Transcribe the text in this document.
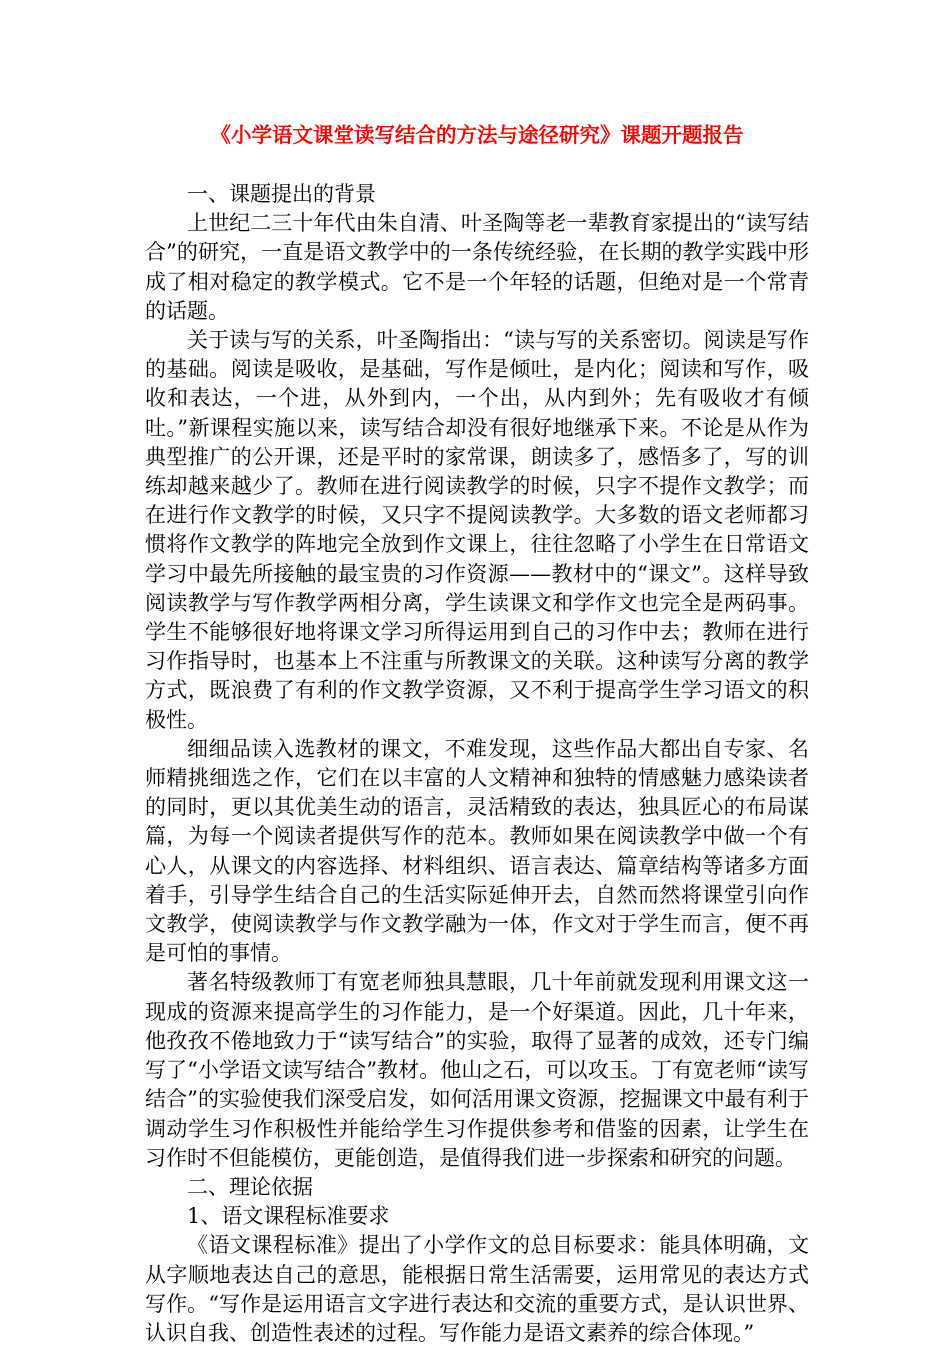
《小学语文课堂读写结合的方法与途径研究》课题开题报告

一、课题提出的背景

上世纪二三十年代由朱自清、叶圣陶等老一辈教育家提出的“读写结合”的研究，一直是语文教学中的一条传统经验，在长期的教学实践中形成了相对稳定的教学模式。它不是一个年轻的话题，但绝对是一个常青的话题。

关于读与写的关系，叶圣陶指出：“读与写的关系密切。阅读是写作的基础。阅读是吸收，是基础，写作是倾吐，是内化；阅读和写作，吸收和表达，一个进，从外到内，一个出，从内到外；先有吸收才有倾吐。”新课程实施以来，读写结合却没有很好地继承下来。不论是从作为典型推广的公开课，还是平时的家常课，朗读多了，感悟多了，写的训练却越来越少了。教师在进行阅读教学的时候，只字不提作文教学；而在进行作文教学的时候，又只字不提阅读教学。大多数的语文老师都习惯将作文教学的阵地完全放到作文课上，往往忽略了小学生在日常语文学习中最先所接触的最宝贵的习作资源——教材中的“课文”。这样导致阅读教学与写作教学两相分离，学生读课文和学作文也完全是两码事。学生不能够很好地将课文学习所得运用到自己的习作中去；教师在进行习作指导时，也基本上不注重与所教课文的关联。这种读写分离的教学方式，既浪费了有利的作文教学资源，又不利于提高学生学习语文的积极性。

细细品读入选教材的课文，不难发现，这些作品大都出自专家、名师精挑细选之作，它们在以丰富的人文精神和独特的情感魅力感染读者的同时，更以其优美生动的语言，灵活精致的表达，独具匠心的布局谋篇，为每一个阅读者提供写作的范本。教师如果在阅读教学中做一个有心人，从课文的内容选择、材料组织、语言表达、篇章结构等诸多方面着手，引导学生结合自己的生活实际延伸开去，自然而然将课堂引向作文教学，使阅读教学与作文教学融为一体，作文对于学生而言，便不再是可怕的事情。

著名特级教师丁有宽老师独具慧眼，几十年前就发现利用课文这一现成的资源来提高学生的习作能力，是一个好渠道。因此，几十年来，他孜孜不倦地致力于“读写结合”的实验，取得了显著的成效，还专门编写了“小学语文读写结合”教材。他山之石，可以攻玉。丁有宽老师“读写结合”的实验使我们深受启发，如何活用课文资源，挖掘课文中最有利于调动学生习作积极性并能给学生习作提供参考和借鉴的因素，让学生在习作时不但能模仿，更能创造，是值得我们进一步探索和研究的问题。

二、理论依据

1、语文课程标准要求

《语文课程标准》提出了小学作文的总目标要求：能具体明确，文从字顺地表达自己的意思，能根据日常生活需要，运用常见的表达方式写作。“写作是运用语言文字进行表达和交流的重要方式，是认识世界、认识自我、创造性表述的过程。写作能力是语文素养的综合体现。”
